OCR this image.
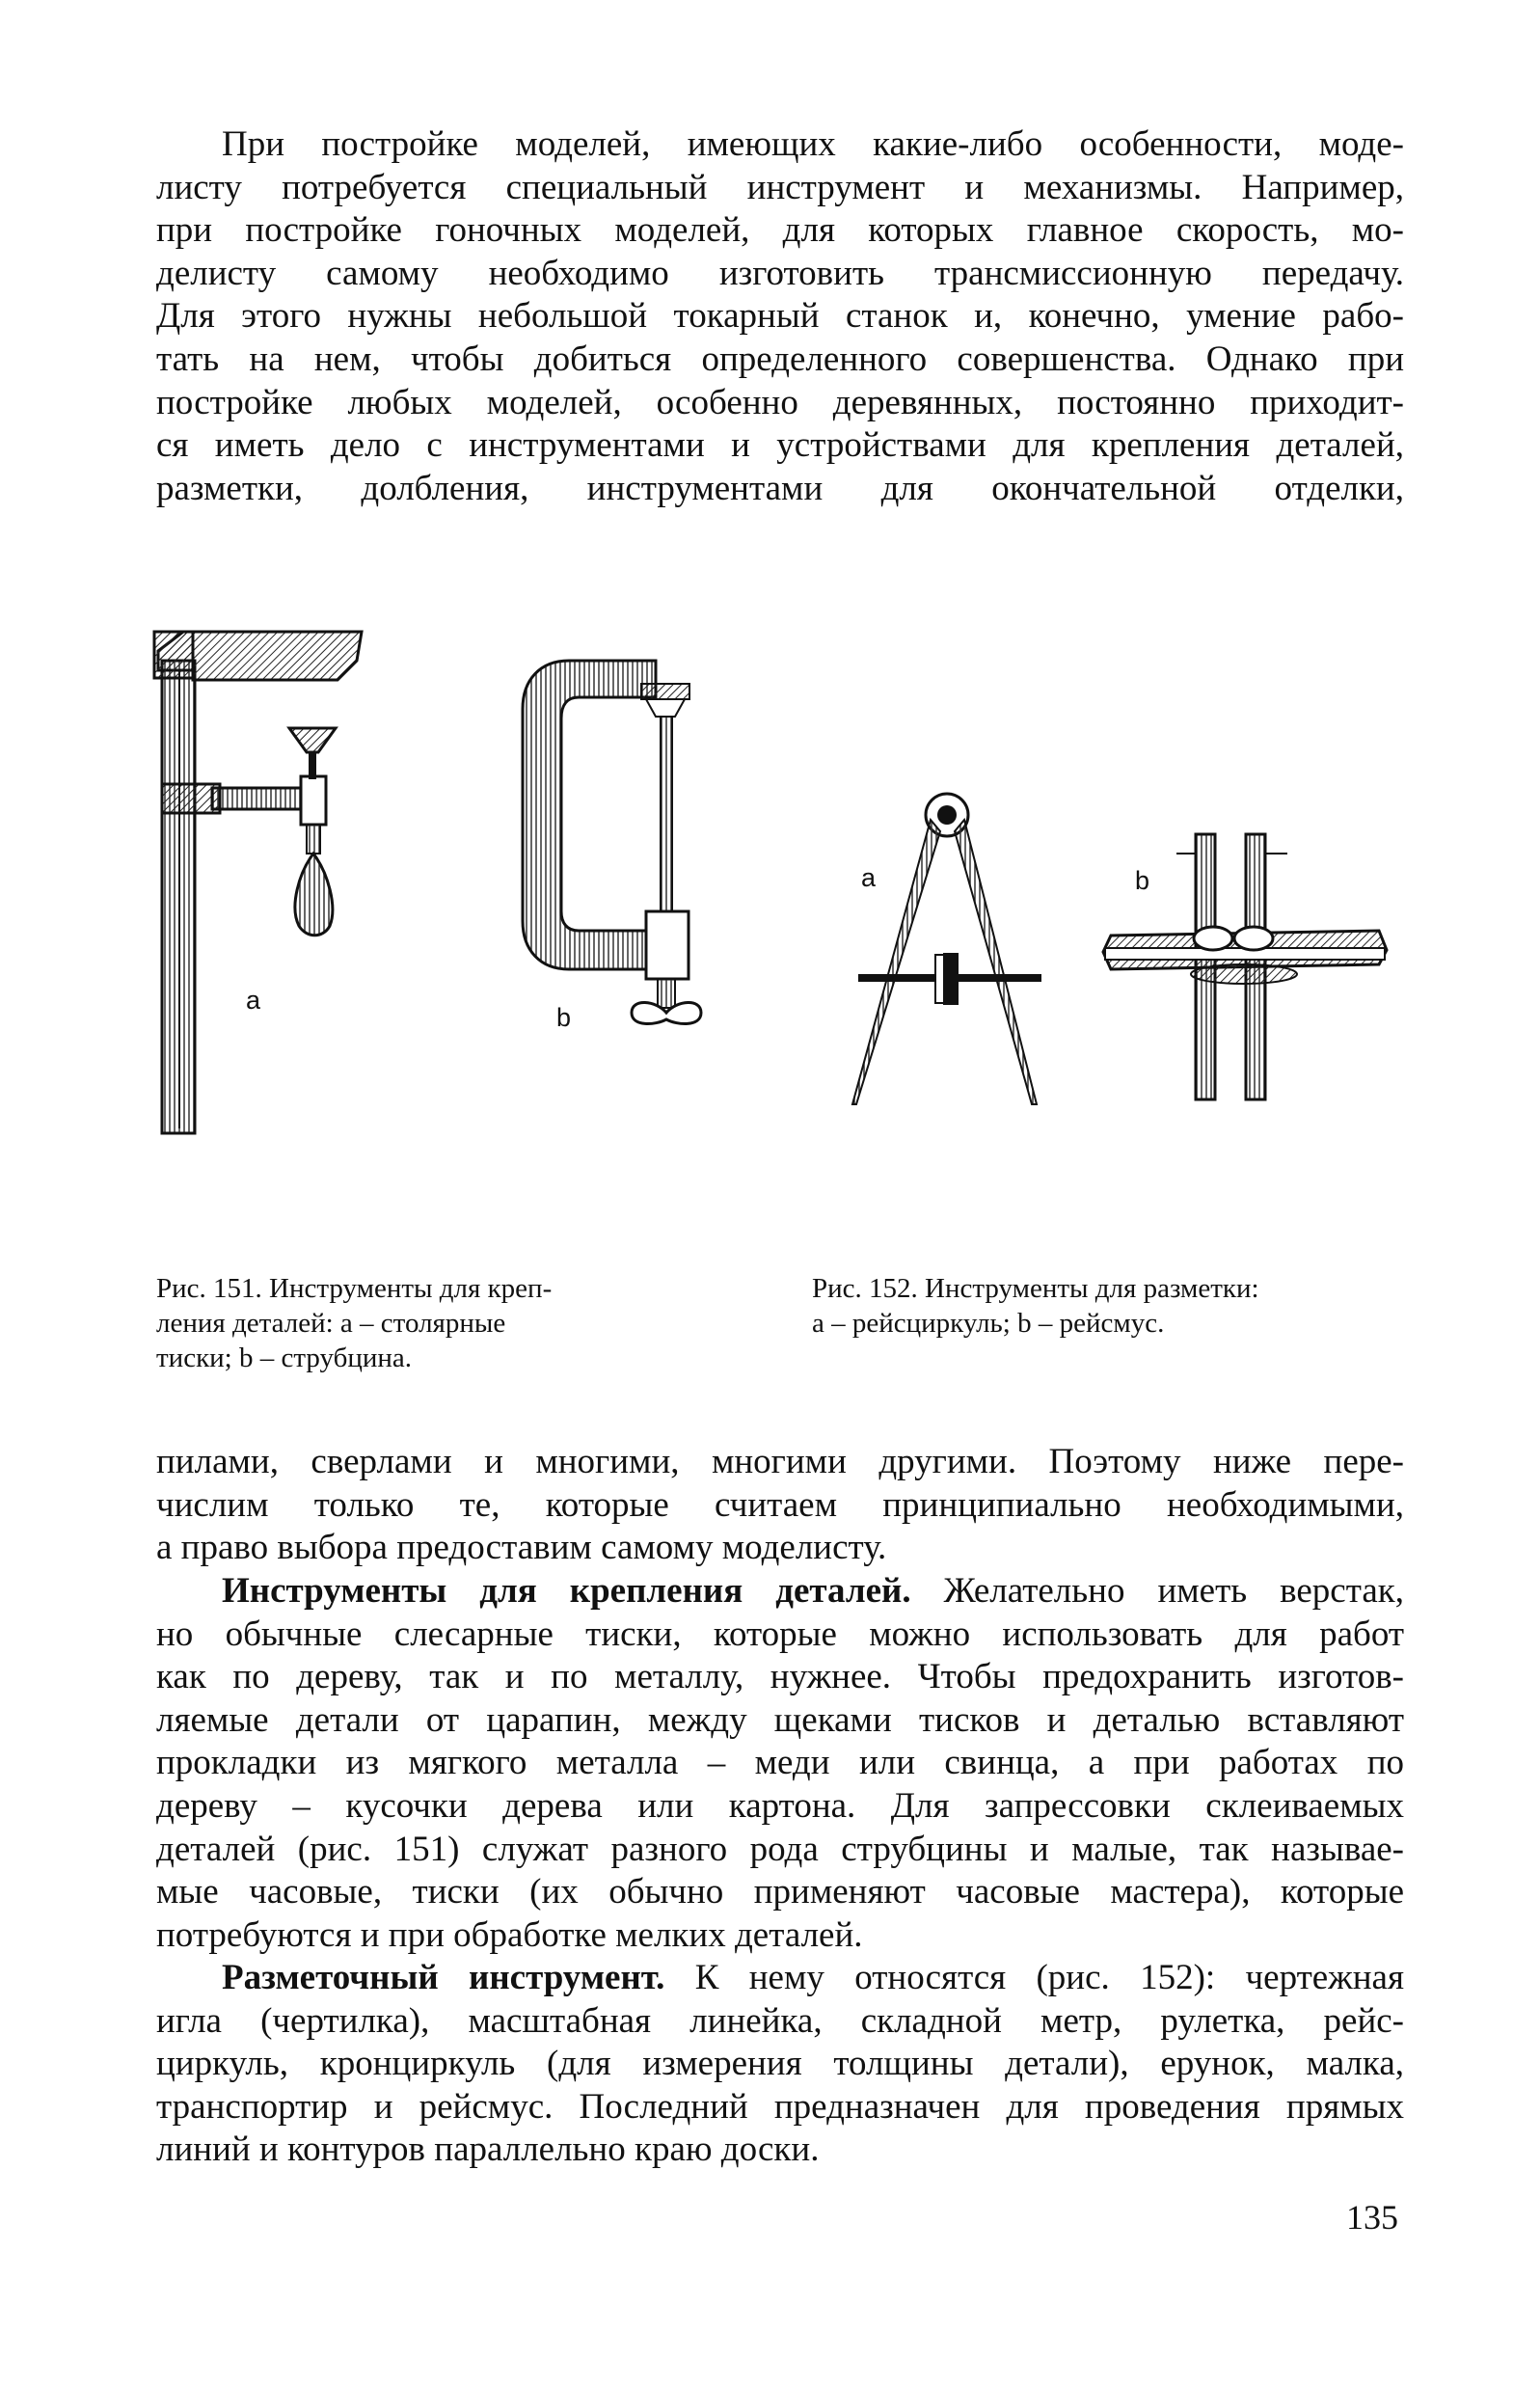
При постройке моделей, имеющих какие-либо особенности, моде-
листу потребуется специальный инструмент и механизмы. Например,
при постройке гоночных моделей, для которых главное скорость, мо-
делисту самому необходимо изготовить трансмиссионную передачу.
Для этого нужны небольшой токарный станок и, конечно, умение рабо-
тать на нем, чтобы добиться определенного совершенства. Однако при
постройке любых моделей, особенно деревянных, постоянно приходит-
ся иметь дело с инструментами и устройствами для крепления деталей,
разметки, долбления, инструментами для окончательной отделки,
a
b
a	b
Рис. 151. Инструменты для креп-
ления деталей: а – столярные
тиски; b – струбцина.
Рис. 152. Инструменты для разметки:
а – рейсциркуль; b – рейсмус.
пилами, сверлами и многими, многими другими. Поэтому ниже пере-
числим только те, которые считаем принципиально необходимыми,
а право выбора предоставим самому моделисту.
Инструменты для крепления деталей. Желательно иметь верстак,
но обычные слесарные тиски, которые можно использовать для работ
как по дереву, так и по металлу, нужнее. Чтобы предохранить изготов-
ляемые детали от царапин, между щеками тисков и деталью вставляют
прокладки из мягкого металла – меди или свинца, а при работах по
дереву – кусочки дерева или картона. Для запрессовки склеиваемых
деталей (рис. 151) служат разного рода струбцины и малые, так называе-
мые часовые, тиски (их обычно применяют часовые мастера), которые
потребуются и при обработке мелких деталей.
Разметочный инструмент. К нему относятся (рис. 152): чертежная
игла (чертилка), масштабная линейка, складной метр, рулетка, рейс-
циркуль, кронциркуль (для измерения толщины детали), ерунок, малка,
транспортир и рейсмус. Последний предназначен для проведения прямых
линий и контуров параллельно краю доски.
135
